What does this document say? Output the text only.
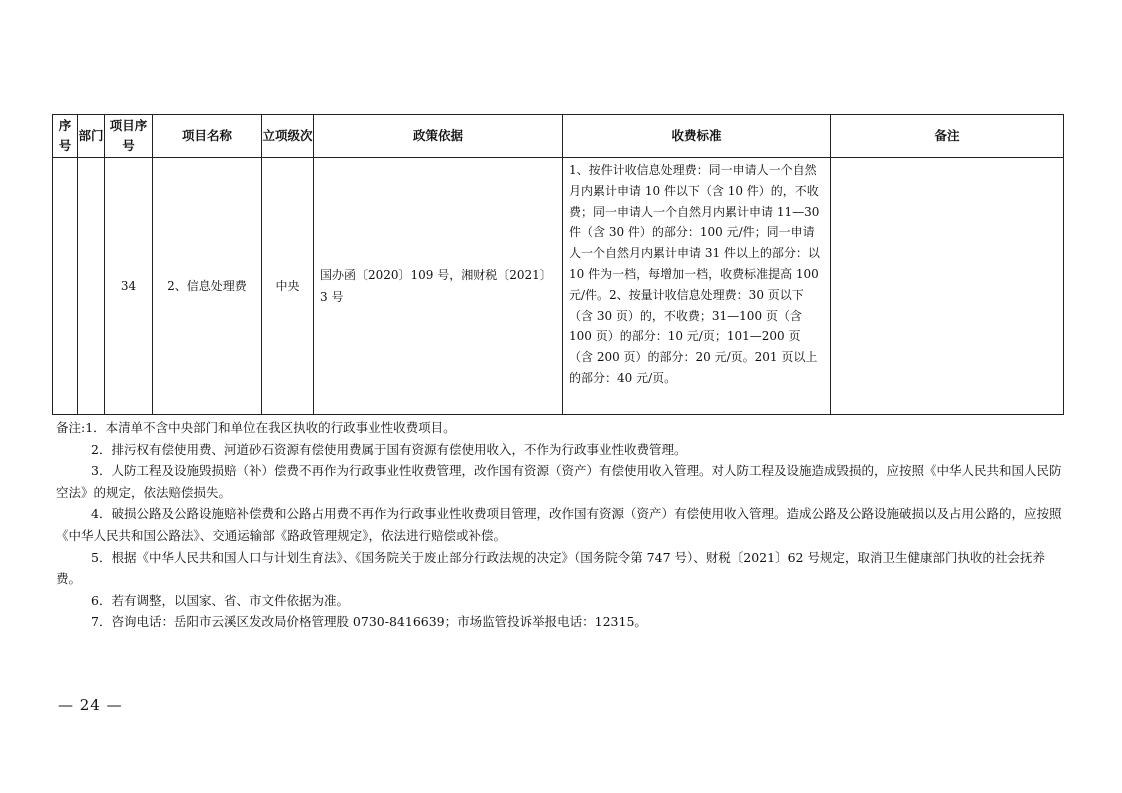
序号	部门	项目序号	项目名称	立项级次	政策依据	收费标准	备注
		34	2、信息处理费	中央	国办函〔2020〕109 号，湘财税〔2021〕3 号	1、按件计收信息处理费：同一申请人一个自然月内累计申请 10 件以下（含 10 件）的，不收费；同一申请人一个自然月内累计申请 11—30 件（含 30 件）的部分：100 元/件；同一申请人一个自然月内累计申请 31 件以上的部分：以 10 件为一档，每增加一档，收费标准提高 100 元/件。2、按量计收信息处理费：30 页以下（含 30 页）的，不收费；31—100 页（含 100 页）的部分：10 元/页；101—200 页（含 200 页）的部分：20 元/页。201 页以上的部分：40 元/页。	

备注:1．本清单不含中央部门和单位在我区执收的行政事业性收费项目。

2．排污权有偿使用费、河道砂石资源有偿使用费属于国有资源有偿使用收入，不作为行政事业性收费管理。

3．人防工程及设施毁损赔（补）偿费不再作为行政事业性收费管理，改作国有资源（资产）有偿使用收入管理。对人防工程及设施造成毁损的，应按照《中华人民共和国人民防空法》的规定，依法赔偿损失。

4．破损公路及公路设施赔补偿费和公路占用费不再作为行政事业性收费项目管理，改作国有资源（资产）有偿使用收入管理。造成公路及公路设施破损以及占用公路的，应按照《中华人民共和国公路法》、交通运输部《路政管理规定》，依法进行赔偿或补偿。

5．根据《中华人民共和国人口与计划生育法》、《国务院关于废止部分行政法规的决定》（国务院令第 747 号）、财税〔2021〕62 号规定，取消卫生健康部门执收的社会抚养费。

6．若有调整，以国家、省、市文件依据为准。

7．咨询电话：岳阳市云溪区发改局价格管理股 0730-8416639；市场监管投诉举报电话：12315。

— 24 —
